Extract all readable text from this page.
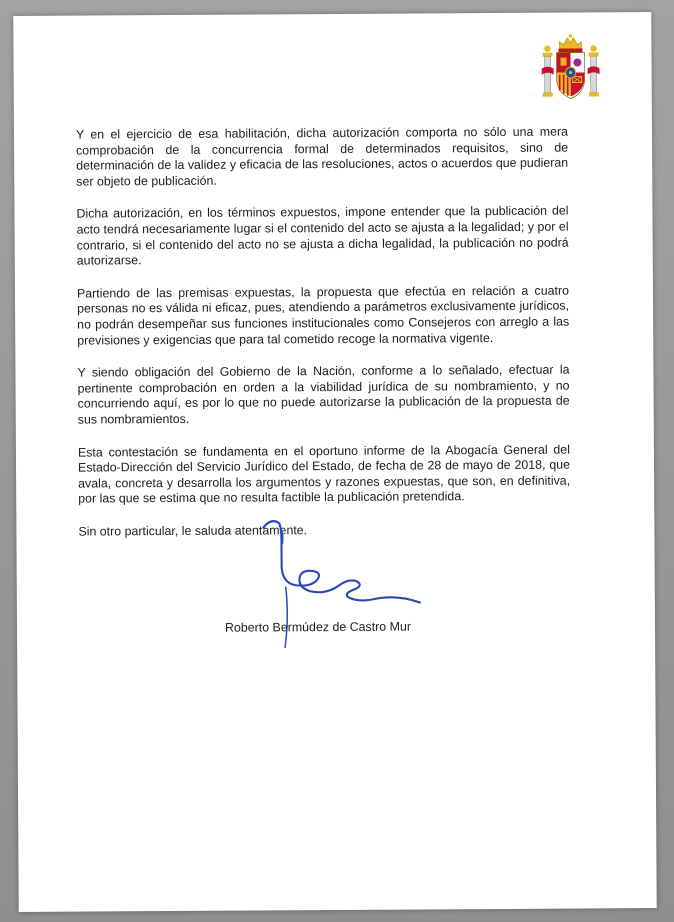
Y en el ejercicio de esa habilitación, dicha autorización comporta no sólo una mera comprobación de la concurrencia formal de determinados requisitos, sino de determinación de la validez y eficacia de las resoluciones, actos o acuerdos que pudieran ser objeto de publicación.

Dicha autorización, en los términos expuestos, impone entender que la publicación del acto tendrá necesariamente lugar si el contenido del acto se ajusta a la legalidad; y por el contrario, si el contenido del acto no se ajusta a dicha legalidad, la publicación no podrá autorizarse.

Partiendo de las premisas expuestas, la propuesta que efectúa en relación a cuatro personas no es válida ni eficaz, pues, atendiendo a parámetros exclusivamente jurídicos, no podrán desempeñar sus funciones institucionales como Consejeros con arreglo a las previsiones y exigencias que para tal cometido recoge la normativa vigente.

Y siendo obligación del Gobierno de la Nación, conforme a lo señalado, efectuar la pertinente comprobación en orden a la viabilidad jurídica de su nombramiento, y no concurriendo aquí, es por lo que no puede autorizarse la publicación de la propuesta de sus nombramientos.

Esta contestación se fundamenta en el oportuno informe de la Abogacía General del Estado-Dirección del Servicio Jurídico del Estado, de fecha de 28 de mayo de 2018, que avala, concreta y desarrolla los argumentos y razones expuestas, que son, en definitiva, por las que se estima que no resulta factible la publicación pretendida.

Sin otro particular, le saluda atentamente.

Roberto Bermúdez de Castro Mur
